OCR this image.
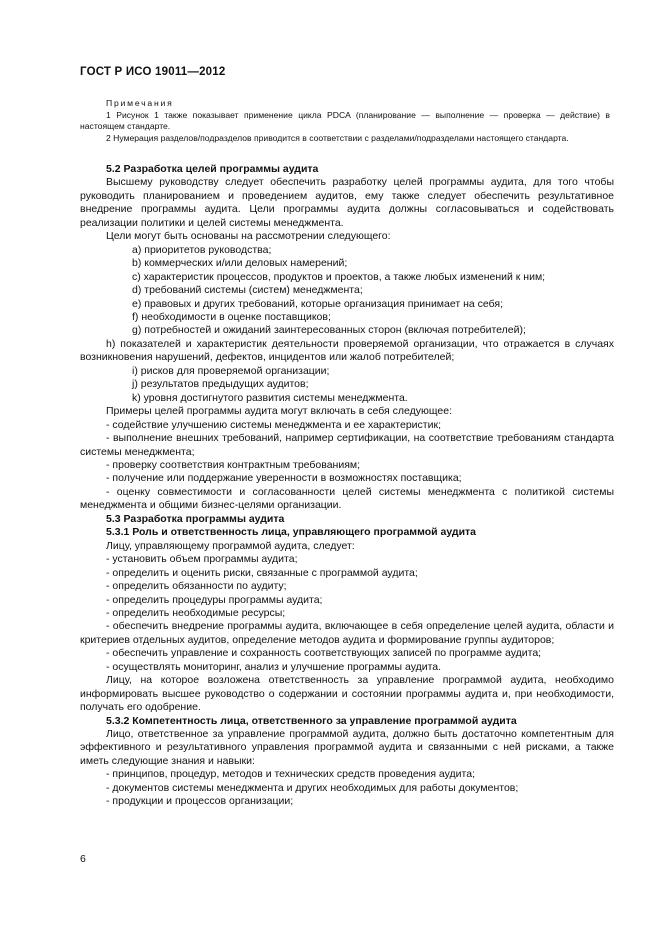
ГОСТ Р ИСО 19011—2012
Примечания

1 Рисунок 1 также показывает применение цикла PDCA (планирование — выполнение — проверка — действие) в настоящем стандарте.

2 Нумерация разделов/подразделов приводится в соответствии с разделами/подразделами настоящего стандарта.

5.2 Разработка целей программы аудита

Высшему руководству следует обеспечить разработку целей программы аудита, для того чтобы руководить планированием и проведением аудитов, ему также следует обеспечить результативное внедрение программы аудита. Цели программы аудита должны согласовываться и содействовать реализации политики и целей системы менеджмента.

Цели могут быть основаны на рассмотрении следующего:

a) приоритетов руководства;

b) коммерческих и/или деловых намерений;

c) характеристик процессов, продуктов и проектов, а также любых изменений к ним;

d) требований системы (систем) менеджмента;

e) правовых и других требований, которые организация принимает на себя;

f) необходимости в оценке поставщиков;

g) потребностей и ожиданий заинтересованных сторон (включая потребителей);

h) показателей и характеристик деятельности проверяемой организации, что отражается в случаях возникновения нарушений, дефектов, инцидентов или жалоб потребителей;

i) рисков для проверяемой организации;

j) результатов предыдущих аудитов;

k) уровня достигнутого развития системы менеджмента.

Примеры целей программы аудита могут включать в себя следующее:

- содействие улучшению системы менеджмента и ее характеристик;

- выполнение внешних требований, например сертификации, на соответствие требованиям стандарта системы менеджмента;

- проверку соответствия контрактным требованиям;

- получение или поддержание уверенности в возможностях поставщика;

- оценку совместимости и согласованности целей системы менеджмента с политикой системы менеджмента и общими бизнес-целями организации.

5.3 Разработка программы аудита

5.3.1 Роль и ответственность лица, управляющего программой аудита

Лицу, управляющему программой аудита, следует:

- установить объем программы аудита;

- определить и оценить риски, связанные с программой аудита;

- определить обязанности по аудиту;

- определить процедуры программы аудита;

- определить необходимые ресурсы;

- обеспечить внедрение программы аудита, включающее в себя определение целей аудита, области и критериев отдельных аудитов, определение методов аудита и формирование группы аудиторов;

- обеспечить управление и сохранность соответствующих записей по программе аудита;

- осуществлять мониторинг, анализ и улучшение программы аудита.

Лицу, на которое возложена ответственность за управление программой аудита, необходимо информировать высшее руководство о содержании и состоянии программы аудита и, при необходимости, получать его одобрение.

5.3.2 Компетентность лица, ответственного за управление программой аудита

Лицо, ответственное за управление программой аудита, должно быть достаточно компетентным для эффективного и результативного управления программой аудита и связанными с ней рисками, а также иметь следующие знания и навыки:

- принципов, процедур, методов и технических средств проведения аудита;

- документов системы менеджмента и других необходимых для работы документов;

- продукции и процессов организации;

6
